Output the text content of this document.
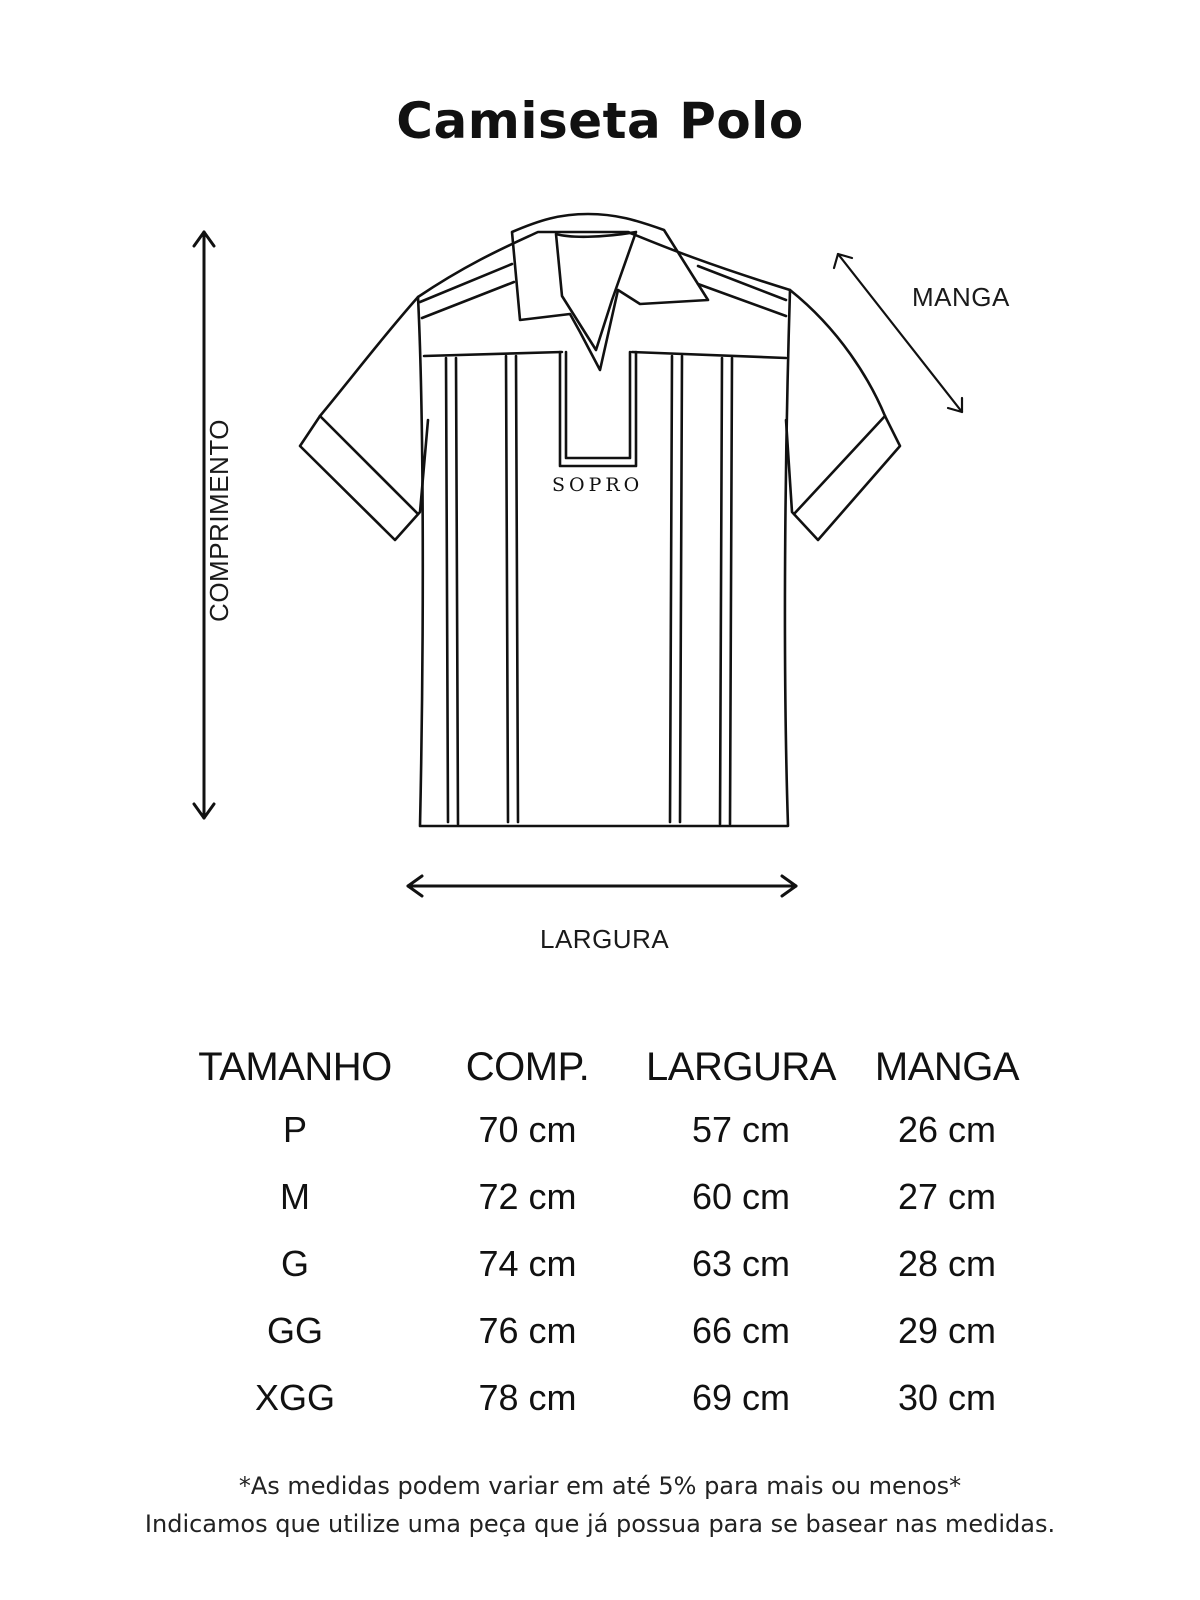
Camiseta Polo
MANGA
LARGURA
COMPRIMENTO	SOPRO
TAMANHO	COMP.	LARGURA	MANGA
P	70 cm	57 cm	26 cm
M	72 cm	60 cm	27 cm
G	74 cm	63 cm	28 cm
GG	76 cm	66 cm	29 cm
XGG	78 cm	69 cm	30 cm
*As medidas podem variar em até 5% para mais ou menos*
Indicamos que utilize uma peça que já possua para se basear nas medidas.
